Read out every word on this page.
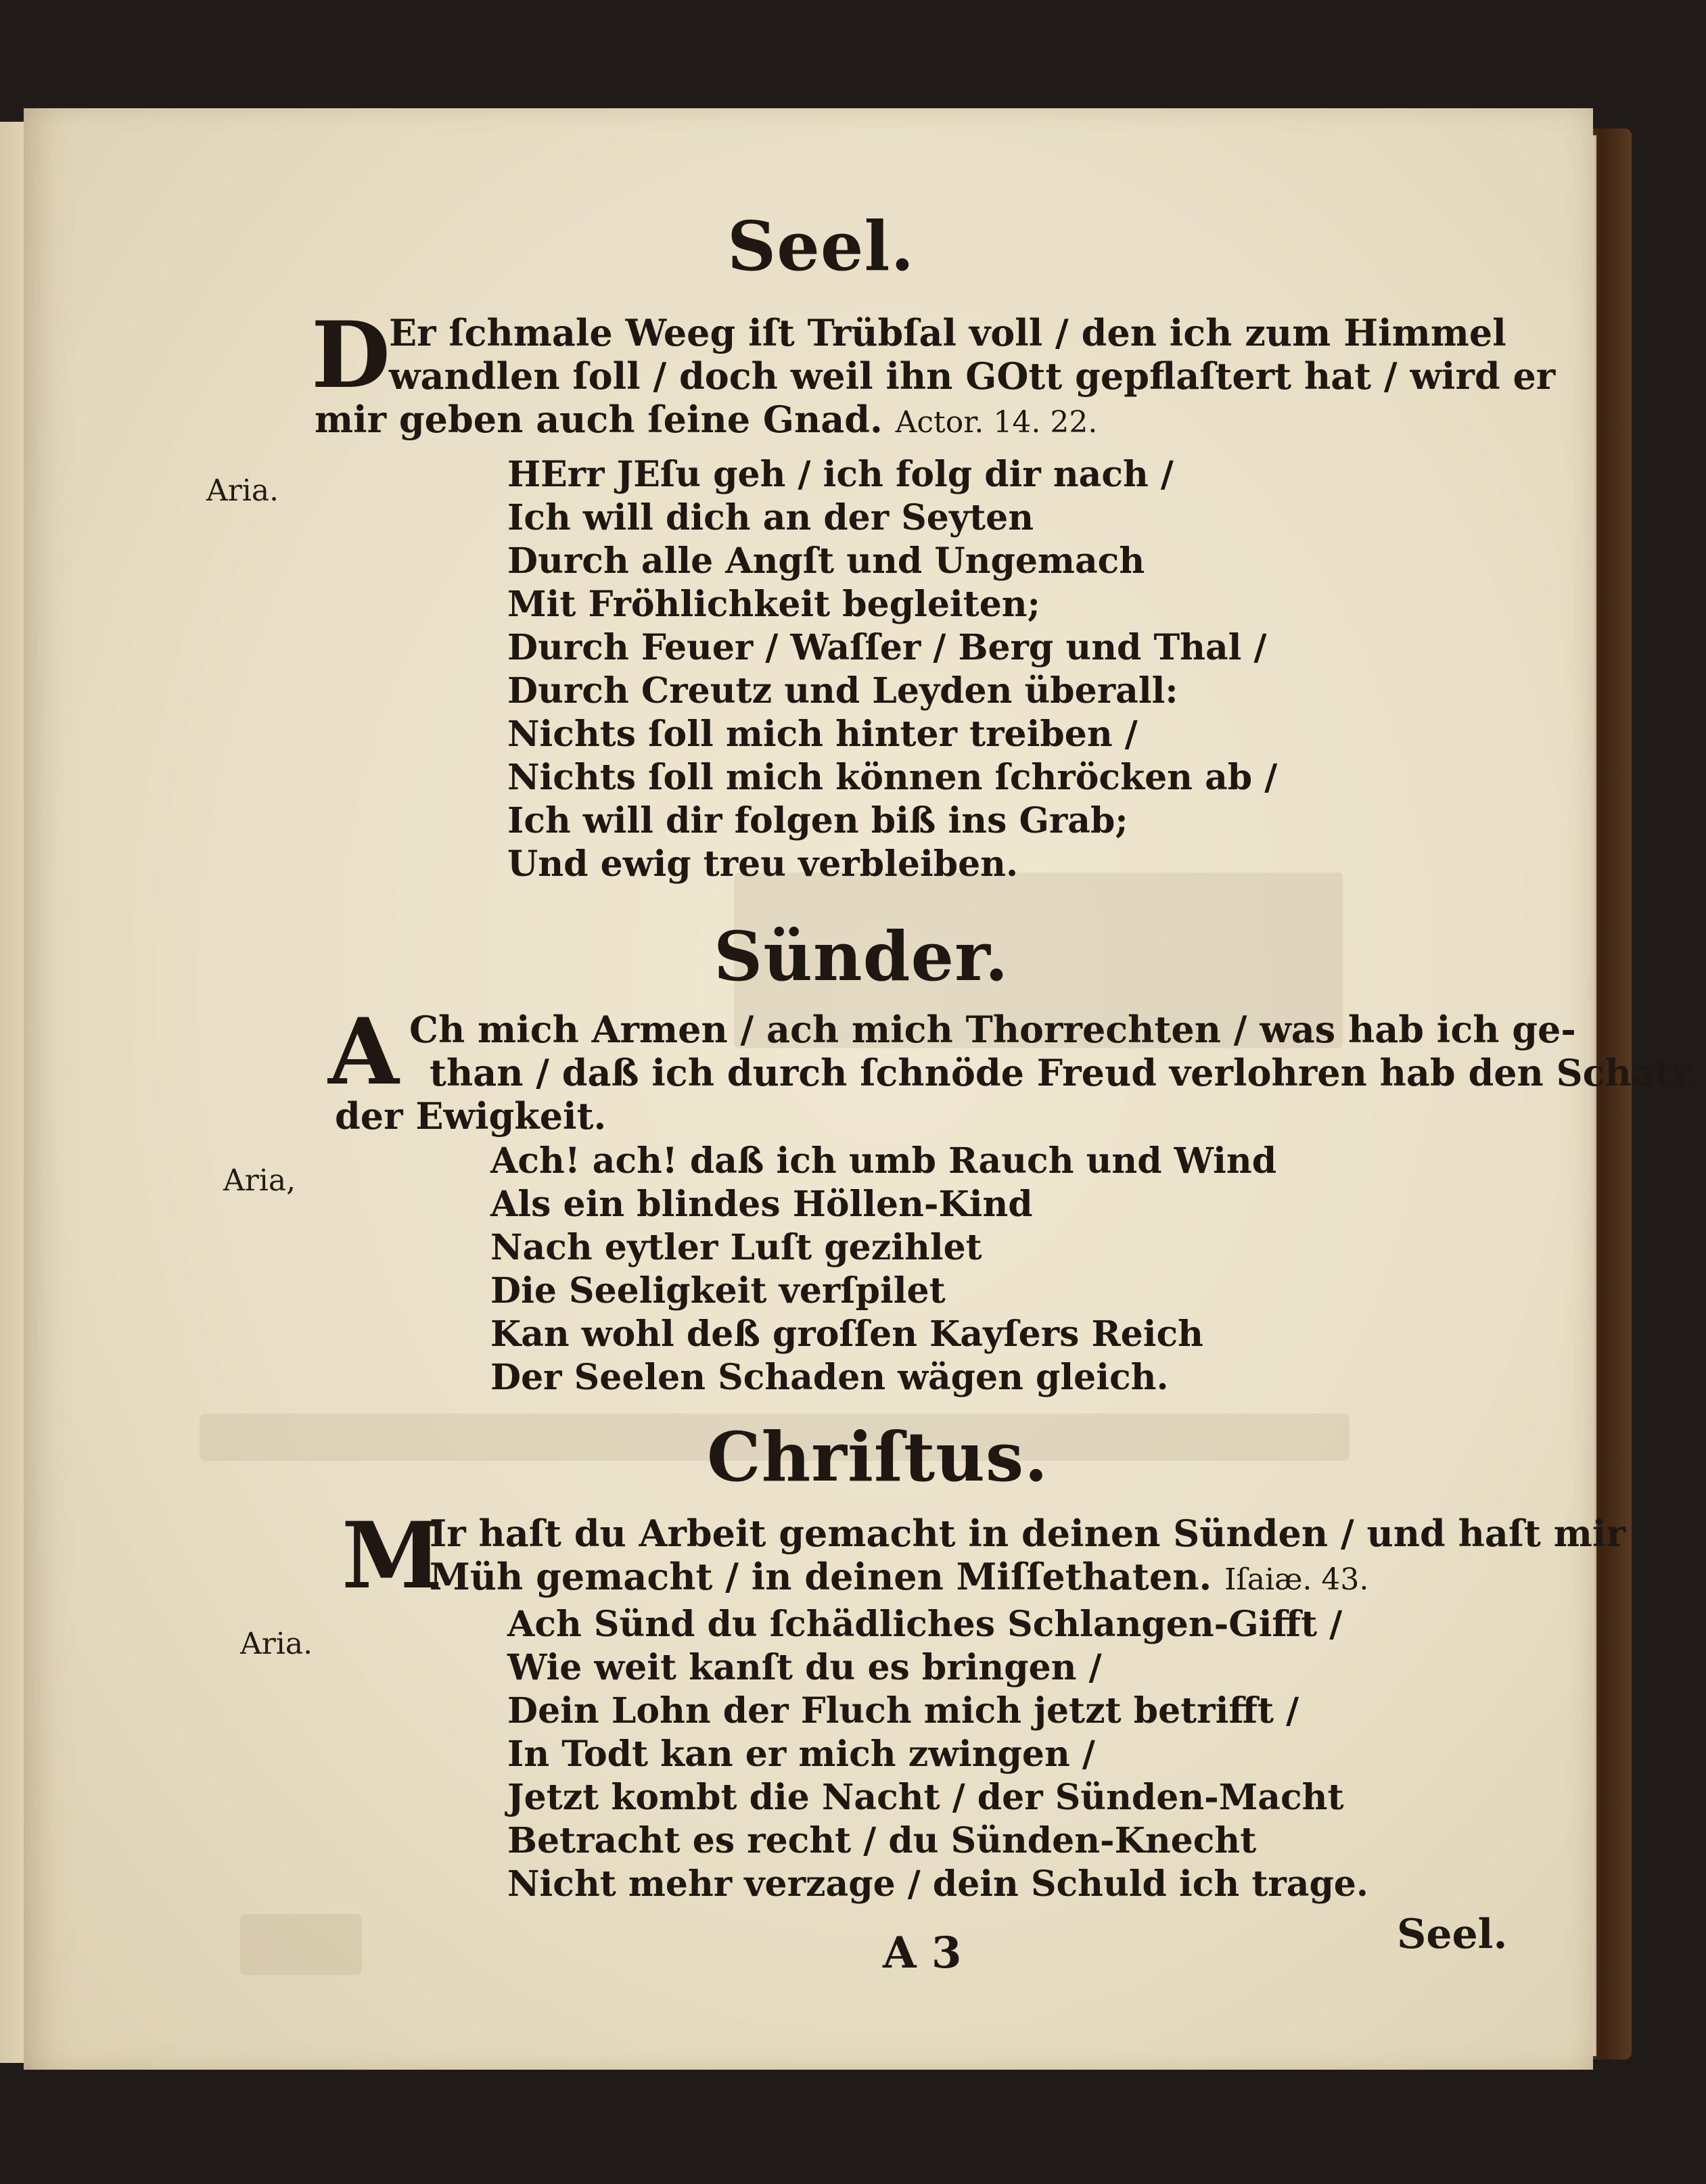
Seel.
D
Er ſchmale Weeg iſt Trübſal voll / den ich zum Himmel
wandlen ſoll / doch weil ihn GOtt gepflaſtert hat / wird er
mir geben auch ſeine Gnad. Actor. 14. 22.
Aria.	HErr JEſu geh / ich folg dir nach /
Ich will dich an der Seyten
Durch alle Angſt und Ungemach
Mit Fröhlichkeit begleiten;
Durch Feuer / Waſſer / Berg und Thal /
Durch Creutz und Leyden überall:
Nichts ſoll mich hinter treiben /
Nichts ſoll mich können ſchröcken ab /
Ich will dir folgen biß ins Grab;
Und ewig treu verbleiben.
Sünder.
A Ch mich Armen / ach mich Thorrechten / was hab ich ge-
than / daß ich durch ſchnöde Freud verlohren hab den Schatz
der Ewigkeit.
Aria,	Ach! ach! daß ich umb Rauch und Wind
Als ein blindes Höllen-Kind
Nach eytler Luſt gezihlet
Die Seeligkeit verſpilet
Kan wohl deß groſſen Kayſers Reich
Der Seelen Schaden wägen gleich.
Chriſtus.
M
Ir haſt du Arbeit gemacht in deinen Sünden / und haſt mir
Müh gemacht / in deinen Miſſethaten. Iſaiæ. 43.
Aria.	Ach Sünd du ſchädliches Schlangen-Gifft /
Wie weit kanſt du es bringen /
Dein Lohn der Fluch mich jetzt betrifft /
In Todt kan er mich zwingen /
Jetzt kombt die Nacht / der Sünden-Macht
Betracht es recht / du Sünden-Knecht
Nicht mehr verzage / dein Schuld ich trage.
A 3	Seel.
